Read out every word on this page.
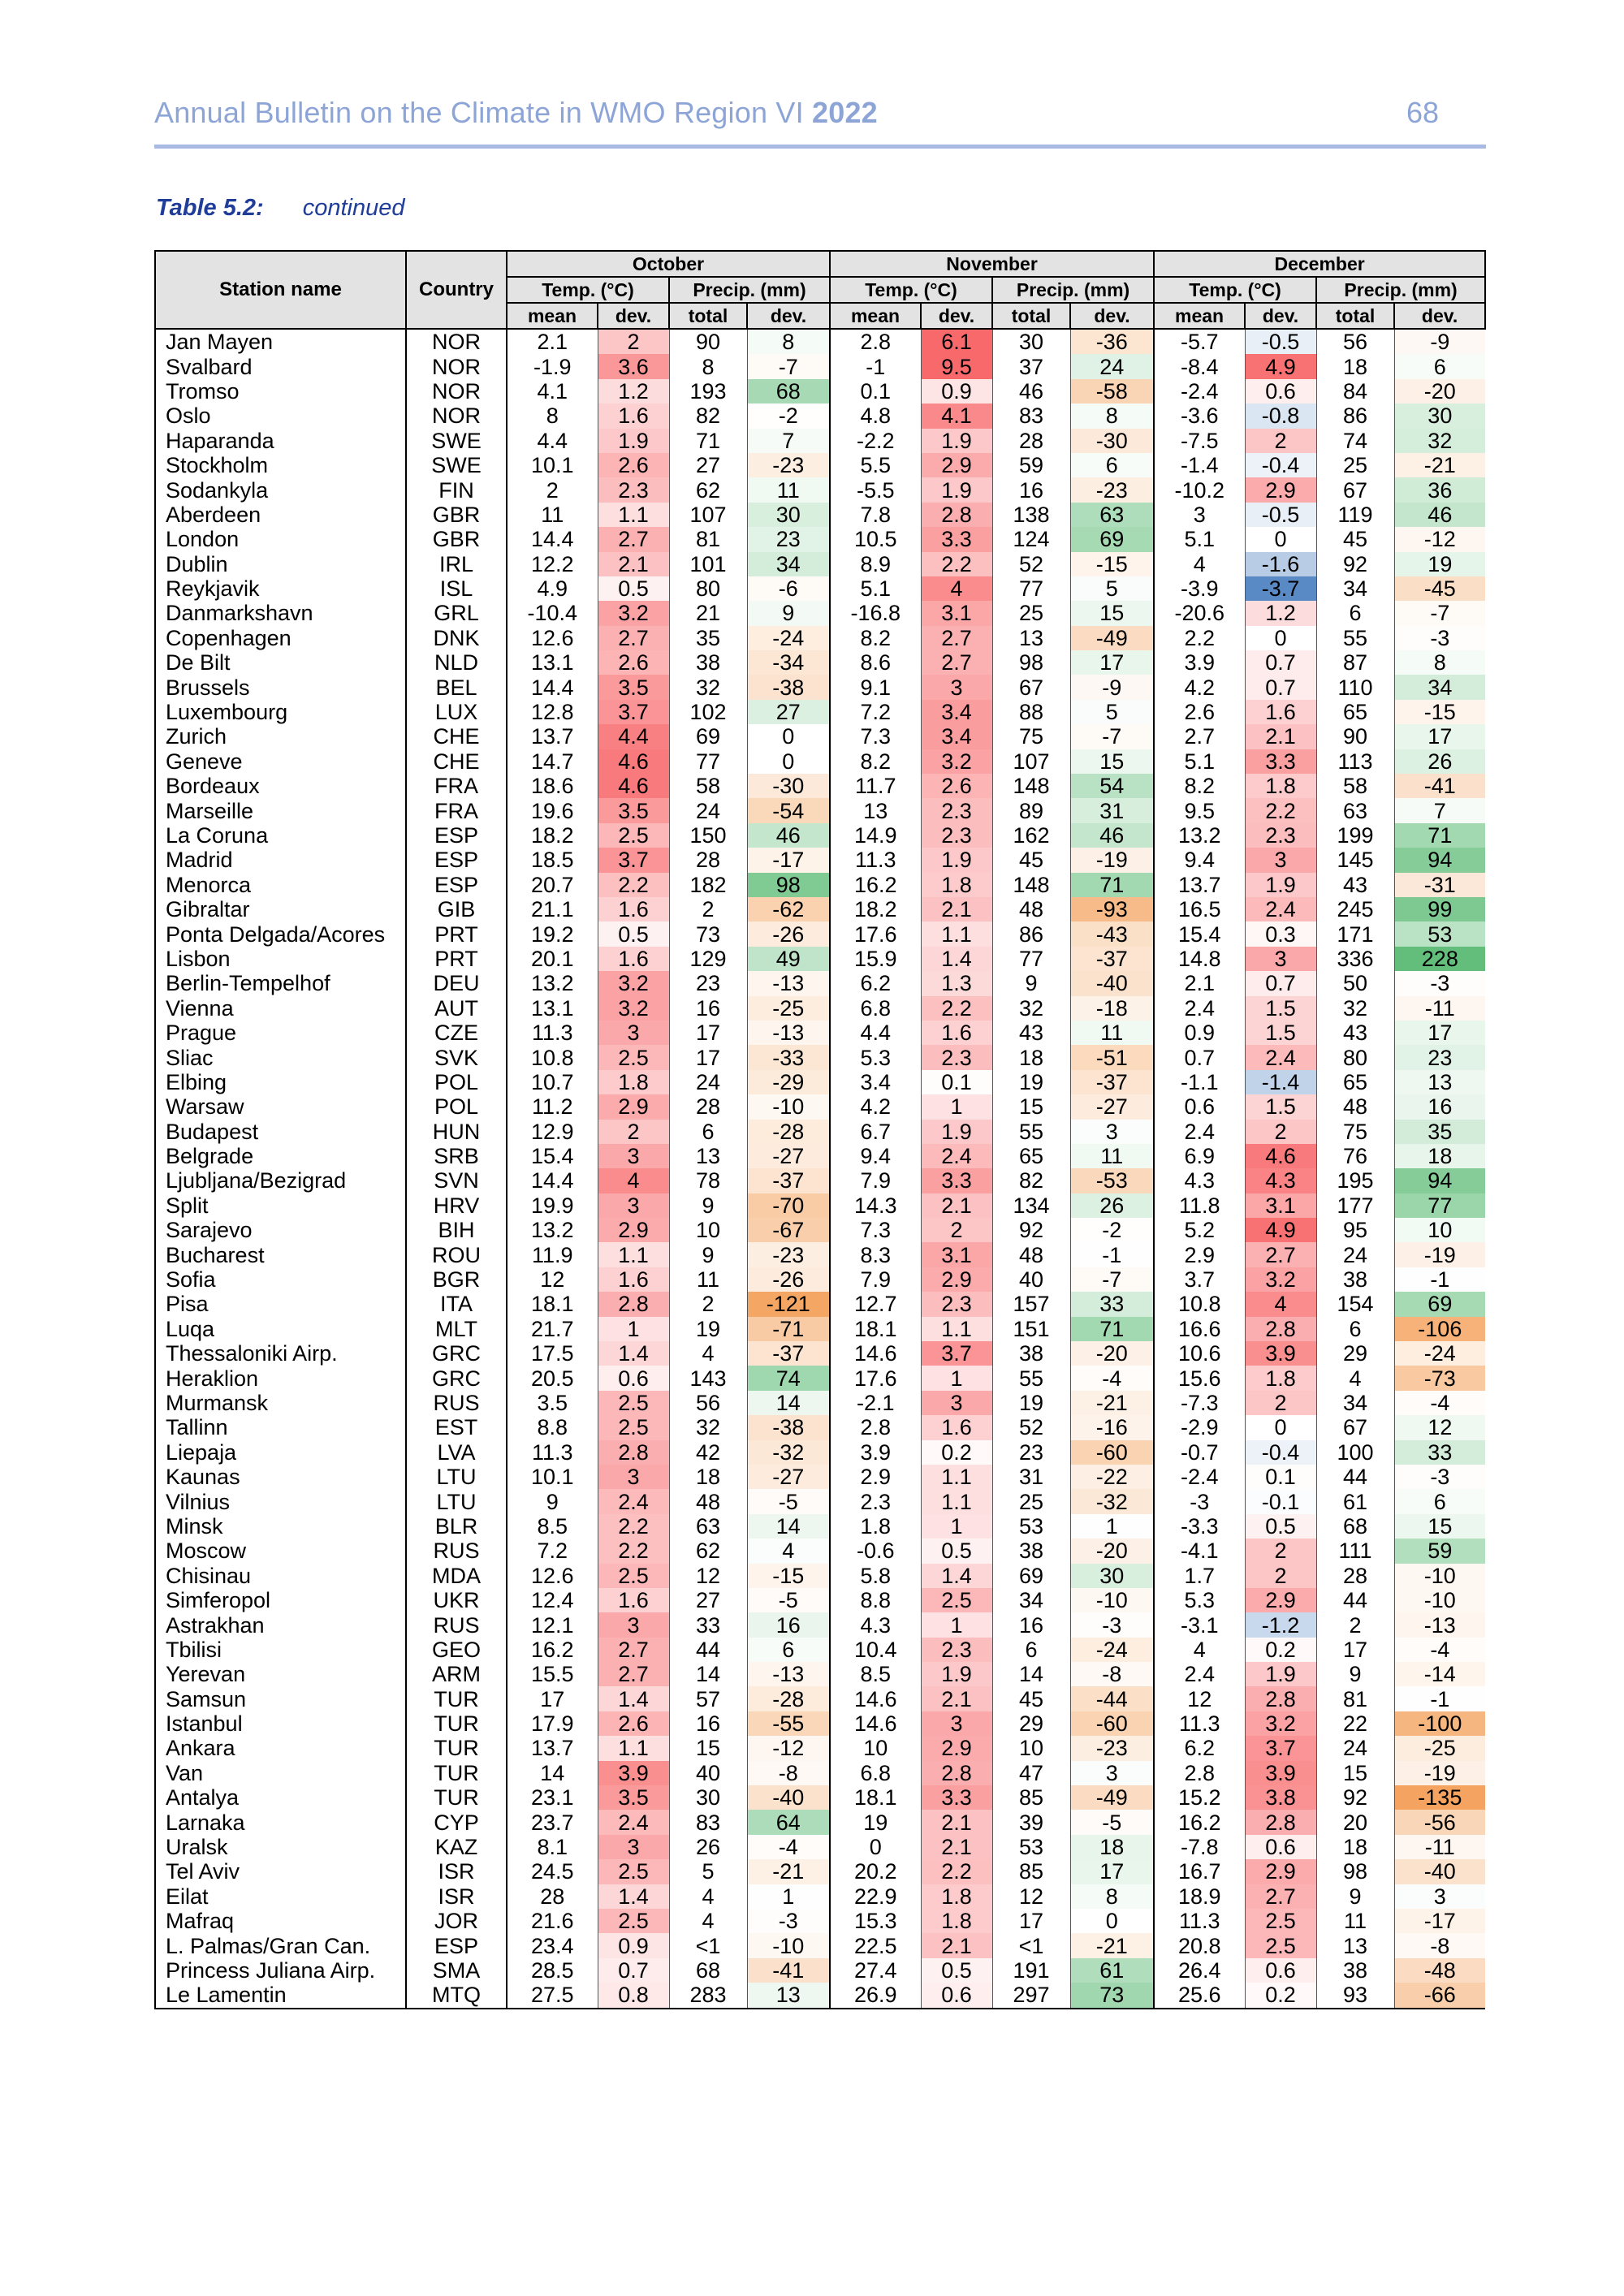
Annual Bulletin on the Climate in WMO Region VI 2022	68
Table 5.2: continued
Station name	Country	October				November				December			
		Temp. (°C)		Precip. (mm)		Temp. (°C)		Precip. (mm)		Temp. (°C)		Precip. (mm)	
		mean	dev.	total	dev.	mean	dev.	total	dev.	mean	dev.	total	dev.
Jan Mayen	NOR	2.1	2	90	8	2.8	6.1	30	-36	-5.7	-0.5	56	-9
Svalbard	NOR	-1.9	3.6	8	-7	-1	9.5	37	24	-8.4	4.9	18	6
Tromso	NOR	4.1	1.2	193	68	0.1	0.9	46	-58	-2.4	0.6	84	-20
Oslo	NOR	8	1.6	82	-2	4.8	4.1	83	8	-3.6	-0.8	86	30
Haparanda	SWE	4.4	1.9	71	7	-2.2	1.9	28	-30	-7.5	2	74	32
Stockholm	SWE	10.1	2.6	27	-23	5.5	2.9	59	6	-1.4	-0.4	25	-21
Sodankyla	FIN	2	2.3	62	11	-5.5	1.9	16	-23	-10.2	2.9	67	36
Aberdeen	GBR	11	1.1	107	30	7.8	2.8	138	63	3	-0.5	119	46
London	GBR	14.4	2.7	81	23	10.5	3.3	124	69	5.1	0	45	-12
Dublin	IRL	12.2	2.1	101	34	8.9	2.2	52	-15	4	-1.6	92	19
Reykjavik	ISL	4.9	0.5	80	-6	5.1	4	77	5	-3.9	-3.7	34	-45
Danmarkshavn	GRL	-10.4	3.2	21	9	-16.8	3.1	25	15	-20.6	1.2	6	-7
Copenhagen	DNK	12.6	2.7	35	-24	8.2	2.7	13	-49	2.2	0	55	-3
De Bilt	NLD	13.1	2.6	38	-34	8.6	2.7	98	17	3.9	0.7	87	8
Brussels	BEL	14.4	3.5	32	-38	9.1	3	67	-9	4.2	0.7	110	34
Luxembourg	LUX	12.8	3.7	102	27	7.2	3.4	88	5	2.6	1.6	65	-15
Zurich	CHE	13.7	4.4	69	0	7.3	3.4	75	-7	2.7	2.1	90	17
Geneve	CHE	14.7	4.6	77	0	8.2	3.2	107	15	5.1	3.3	113	26
Bordeaux	FRA	18.6	4.6	58	-30	11.7	2.6	148	54	8.2	1.8	58	-41
Marseille	FRA	19.6	3.5	24	-54	13	2.3	89	31	9.5	2.2	63	7
La Coruna	ESP	18.2	2.5	150	46	14.9	2.3	162	46	13.2	2.3	199	71
Madrid	ESP	18.5	3.7	28	-17	11.3	1.9	45	-19	9.4	3	145	94
Menorca	ESP	20.7	2.2	182	98	16.2	1.8	148	71	13.7	1.9	43	-31
Gibraltar	GIB	21.1	1.6	2	-62	18.2	2.1	48	-93	16.5	2.4	245	99
Ponta Delgada/Acores	PRT	19.2	0.5	73	-26	17.6	1.1	86	-43	15.4	0.3	171	53
Lisbon	PRT	20.1	1.6	129	49	15.9	1.4	77	-37	14.8	3	336	228
Berlin-Tempelhof	DEU	13.2	3.2	23	-13	6.2	1.3	9	-40	2.1	0.7	50	-3
Vienna	AUT	13.1	3.2	16	-25	6.8	2.2	32	-18	2.4	1.5	32	-11
Prague	CZE	11.3	3	17	-13	4.4	1.6	43	11	0.9	1.5	43	17
Sliac	SVK	10.8	2.5	17	-33	5.3	2.3	18	-51	0.7	2.4	80	23
Elbing	POL	10.7	1.8	24	-29	3.4	0.1	19	-37	-1.1	-1.4	65	13
Warsaw	POL	11.2	2.9	28	-10	4.2	1	15	-27	0.6	1.5	48	16
Budapest	HUN	12.9	2	6	-28	6.7	1.9	55	3	2.4	2	75	35
Belgrade	SRB	15.4	3	13	-27	9.4	2.4	65	11	6.9	4.6	76	18
Ljubljana/Bezigrad	SVN	14.4	4	78	-37	7.9	3.3	82	-53	4.3	4.3	195	94
Split	HRV	19.9	3	9	-70	14.3	2.1	134	26	11.8	3.1	177	77
Sarajevo	BIH	13.2	2.9	10	-67	7.3	2	92	-2	5.2	4.9	95	10
Bucharest	ROU	11.9	1.1	9	-23	8.3	3.1	48	-1	2.9	2.7	24	-19
Sofia	BGR	12	1.6	11	-26	7.9	2.9	40	-7	3.7	3.2	38	-1
Pisa	ITA	18.1	2.8	2	-121	12.7	2.3	157	33	10.8	4	154	69
Luqa	MLT	21.7	1	19	-71	18.1	1.1	151	71	16.6	2.8	6	-106
Thessaloniki Airp.	GRC	17.5	1.4	4	-37	14.6	3.7	38	-20	10.6	3.9	29	-24
Heraklion	GRC	20.5	0.6	143	74	17.6	1	55	-4	15.6	1.8	4	-73
Murmansk	RUS	3.5	2.5	56	14	-2.1	3	19	-21	-7.3	2	34	-4
Tallinn	EST	8.8	2.5	32	-38	2.8	1.6	52	-16	-2.9	0	67	12
Liepaja	LVA	11.3	2.8	42	-32	3.9	0.2	23	-60	-0.7	-0.4	100	33
Kaunas	LTU	10.1	3	18	-27	2.9	1.1	31	-22	-2.4	0.1	44	-3
Vilnius	LTU	9	2.4	48	-5	2.3	1.1	25	-32	-3	-0.1	61	6
Minsk	BLR	8.5	2.2	63	14	1.8	1	53	1	-3.3	0.5	68	15
Moscow	RUS	7.2	2.2	62	4	-0.6	0.5	38	-20	-4.1	2	111	59
Chisinau	MDA	12.6	2.5	12	-15	5.8	1.4	69	30	1.7	2	28	-10
Simferopol	UKR	12.4	1.6	27	-5	8.8	2.5	34	-10	5.3	2.9	44	-10
Astrakhan	RUS	12.1	3	33	16	4.3	1	16	-3	-3.1	-1.2	2	-13
Tbilisi	GEO	16.2	2.7	44	6	10.4	2.3	6	-24	4	0.2	17	-4
Yerevan	ARM	15.5	2.7	14	-13	8.5	1.9	14	-8	2.4	1.9	9	-14
Samsun	TUR	17	1.4	57	-28	14.6	2.1	45	-44	12	2.8	81	-1
Istanbul	TUR	17.9	2.6	16	-55	14.6	3	29	-60	11.3	3.2	22	-100
Ankara	TUR	13.7	1.1	15	-12	10	2.9	10	-23	6.2	3.7	24	-25
Van	TUR	14	3.9	40	-8	6.8	2.8	47	3	2.8	3.9	15	-19
Antalya	TUR	23.1	3.5	30	-40	18.1	3.3	85	-49	15.2	3.8	92	-135
Larnaka	CYP	23.7	2.4	83	64	19	2.1	39	-5	16.2	2.8	20	-56
Uralsk	KAZ	8.1	3	26	-4	0	2.1	53	18	-7.8	0.6	18	-11
Tel Aviv	ISR	24.5	2.5	5	-21	20.2	2.2	85	17	16.7	2.9	98	-40
Eilat	ISR	28	1.4	4	1	22.9	1.8	12	8	18.9	2.7	9	3
Mafraq	JOR	21.6	2.5	4	-3	15.3	1.8	17	0	11.3	2.5	11	-17
L. Palmas/Gran Can.	ESP	23.4	0.9	<1	-10	22.5	2.1	<1	-21	20.8	2.5	13	-8
Princess Juliana Airp.	SMA	28.5	0.7	68	-41	27.4	0.5	191	61	26.4	0.6	38	-48
Le Lamentin	MTQ	27.5	0.8	283	13	26.9	0.6	297	73	25.6	0.2	93	-66
